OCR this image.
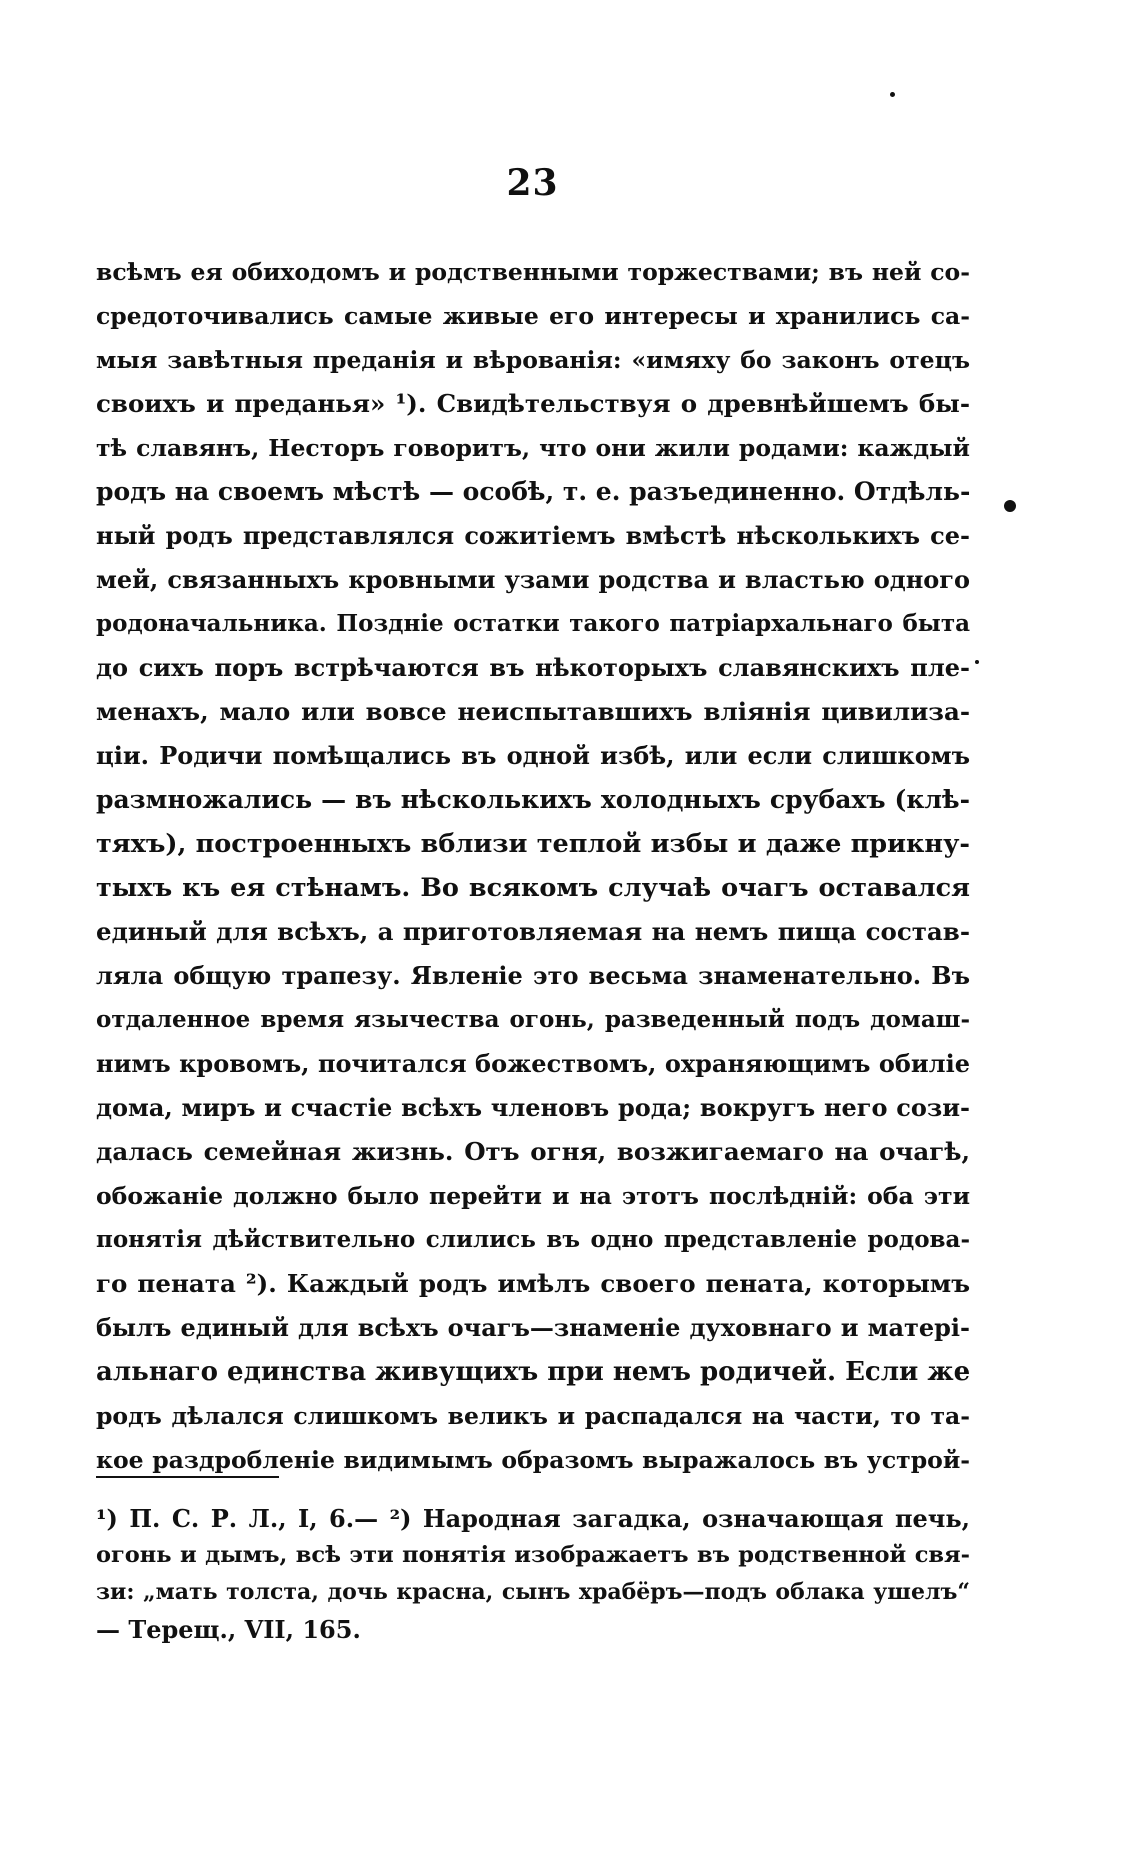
23
всѣмъ ея обиходомъ и родственными торжествами; въ ней со-
средоточивались самые живые его интересы и хранились са-
мыя завѣтныя преданія и вѣрованія: «имяху бо законъ отецъ
своихъ и преданья» ¹). Свидѣтельствуя о древнѣйшемъ бы-
тѣ славянъ, Несторъ говоритъ, что они жили родами: каждый
родъ на своемъ мѣстѣ — особѣ, т. е. разъединенно. Отдѣль-
ный родъ представлялся сожитіемъ вмѣстѣ нѣсколькихъ се-
мей, связанныхъ кровными узами родства и властью одного
родоначальника. Поздніе остатки такого патріархальнаго быта
до сихъ поръ встрѣчаются въ нѣкоторыхъ славянскихъ пле-
менахъ, мало или вовсе неиспытавшихъ вліянія цивилиза-
ціи. Родичи помѣщались въ одной избѣ, или если слишкомъ
размножались — въ нѣсколькихъ холодныхъ срубахъ (клѣ-
тяхъ), построенныхъ вблизи теплой избы и даже прикну-
тыхъ къ ея стѣнамъ. Во всякомъ случаѣ очагъ оставался
единый для всѣхъ, а приготовляемая на немъ пища состав-
ляла общую трапезу. Явленіе это весьма знаменательно. Въ
отдаленное время язычества огонь, разведенный подъ домаш-
нимъ кровомъ, почитался божествомъ, охраняющимъ обиліе
дома, миръ и счастіе всѣхъ членовъ рода; вокругъ него сози-
далась семейная жизнь. Отъ огня, возжигаемаго на очагѣ,
обожаніе должно было перейти и на этотъ послѣдній: оба эти
понятія дѣйствительно слились въ одно представленіе родова-
го пената ²). Каждый родъ имѣлъ своего пената, которымъ
былъ единый для всѣхъ очагъ—знаменіе духовнаго и матері-
альнаго единства живущихъ при немъ родичей. Если же
родъ дѣлался слишкомъ великъ и распадался на части, то та-
кое раздробленіе видимымъ образомъ выражалось въ устрой-
¹) П. С. Р. Л., I, 6.— ²) Народная загадка, означающая печь,
огонь и дымъ, всѣ эти понятія изображаетъ въ родственной свя-
зи: „мать толста, дочь красна, сынъ храбёръ—подъ облака ушелъ“
— Терещ., VII, 165.
